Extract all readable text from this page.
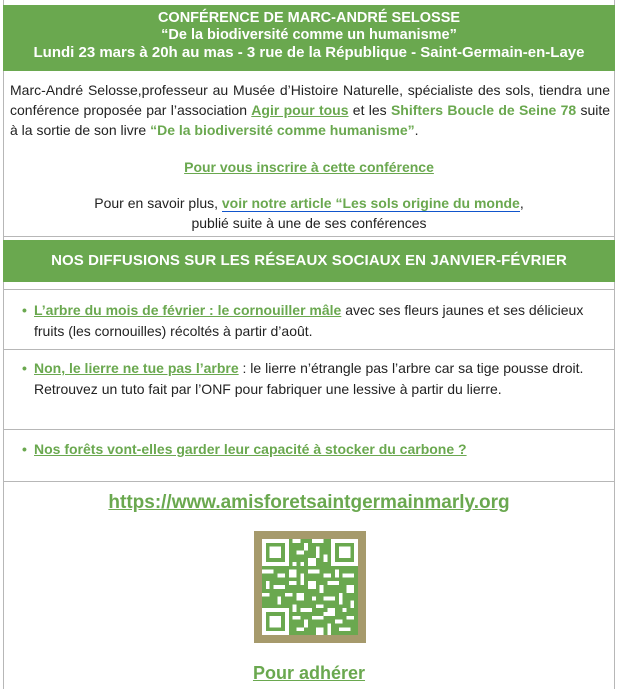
CONFÉRENCE DE MARC-ANDRÉ SELOSSE
“De la biodiversité comme un humanisme”
Lundi 23 mars à 20h au mas - 3 rue de la République - Saint-Germain-en-Laye
Marc-André Selosse,professeur au Musée d’Histoire Naturelle, spécialiste des sols, tiendra une conférence proposée par l’association Agir pour tous et les Shifters Boucle de Seine 78 suite à la sortie de son livre “De la biodiversité comme humanisme”.
Pour vous inscrire à cette conférence
Pour en savoir plus, voir notre article “Les sols origine du monde,
publié suite à une de ses conférences
NOS DIFFUSIONS SUR LES RÉSEAUX SOCIAUX EN JANVIER-FÉVRIER
• L’arbre du mois de février : le cornouiller mâle avec ses fleurs jaunes et ses délicieux fruits (les cornouilles) récoltés à partir d’août.
• Non, le lierre ne tue pas l’arbre : le lierre n’étrangle pas l’arbre car sa tige pousse droit. Retrouvez un tuto fait par l’ONF pour fabriquer une lessive à partir du lierre.
• Nos forêts vont-elles garder leur capacité à stocker du carbone ?
https://www.amisforetsaintgermainmarly.org
Pour adhérer
